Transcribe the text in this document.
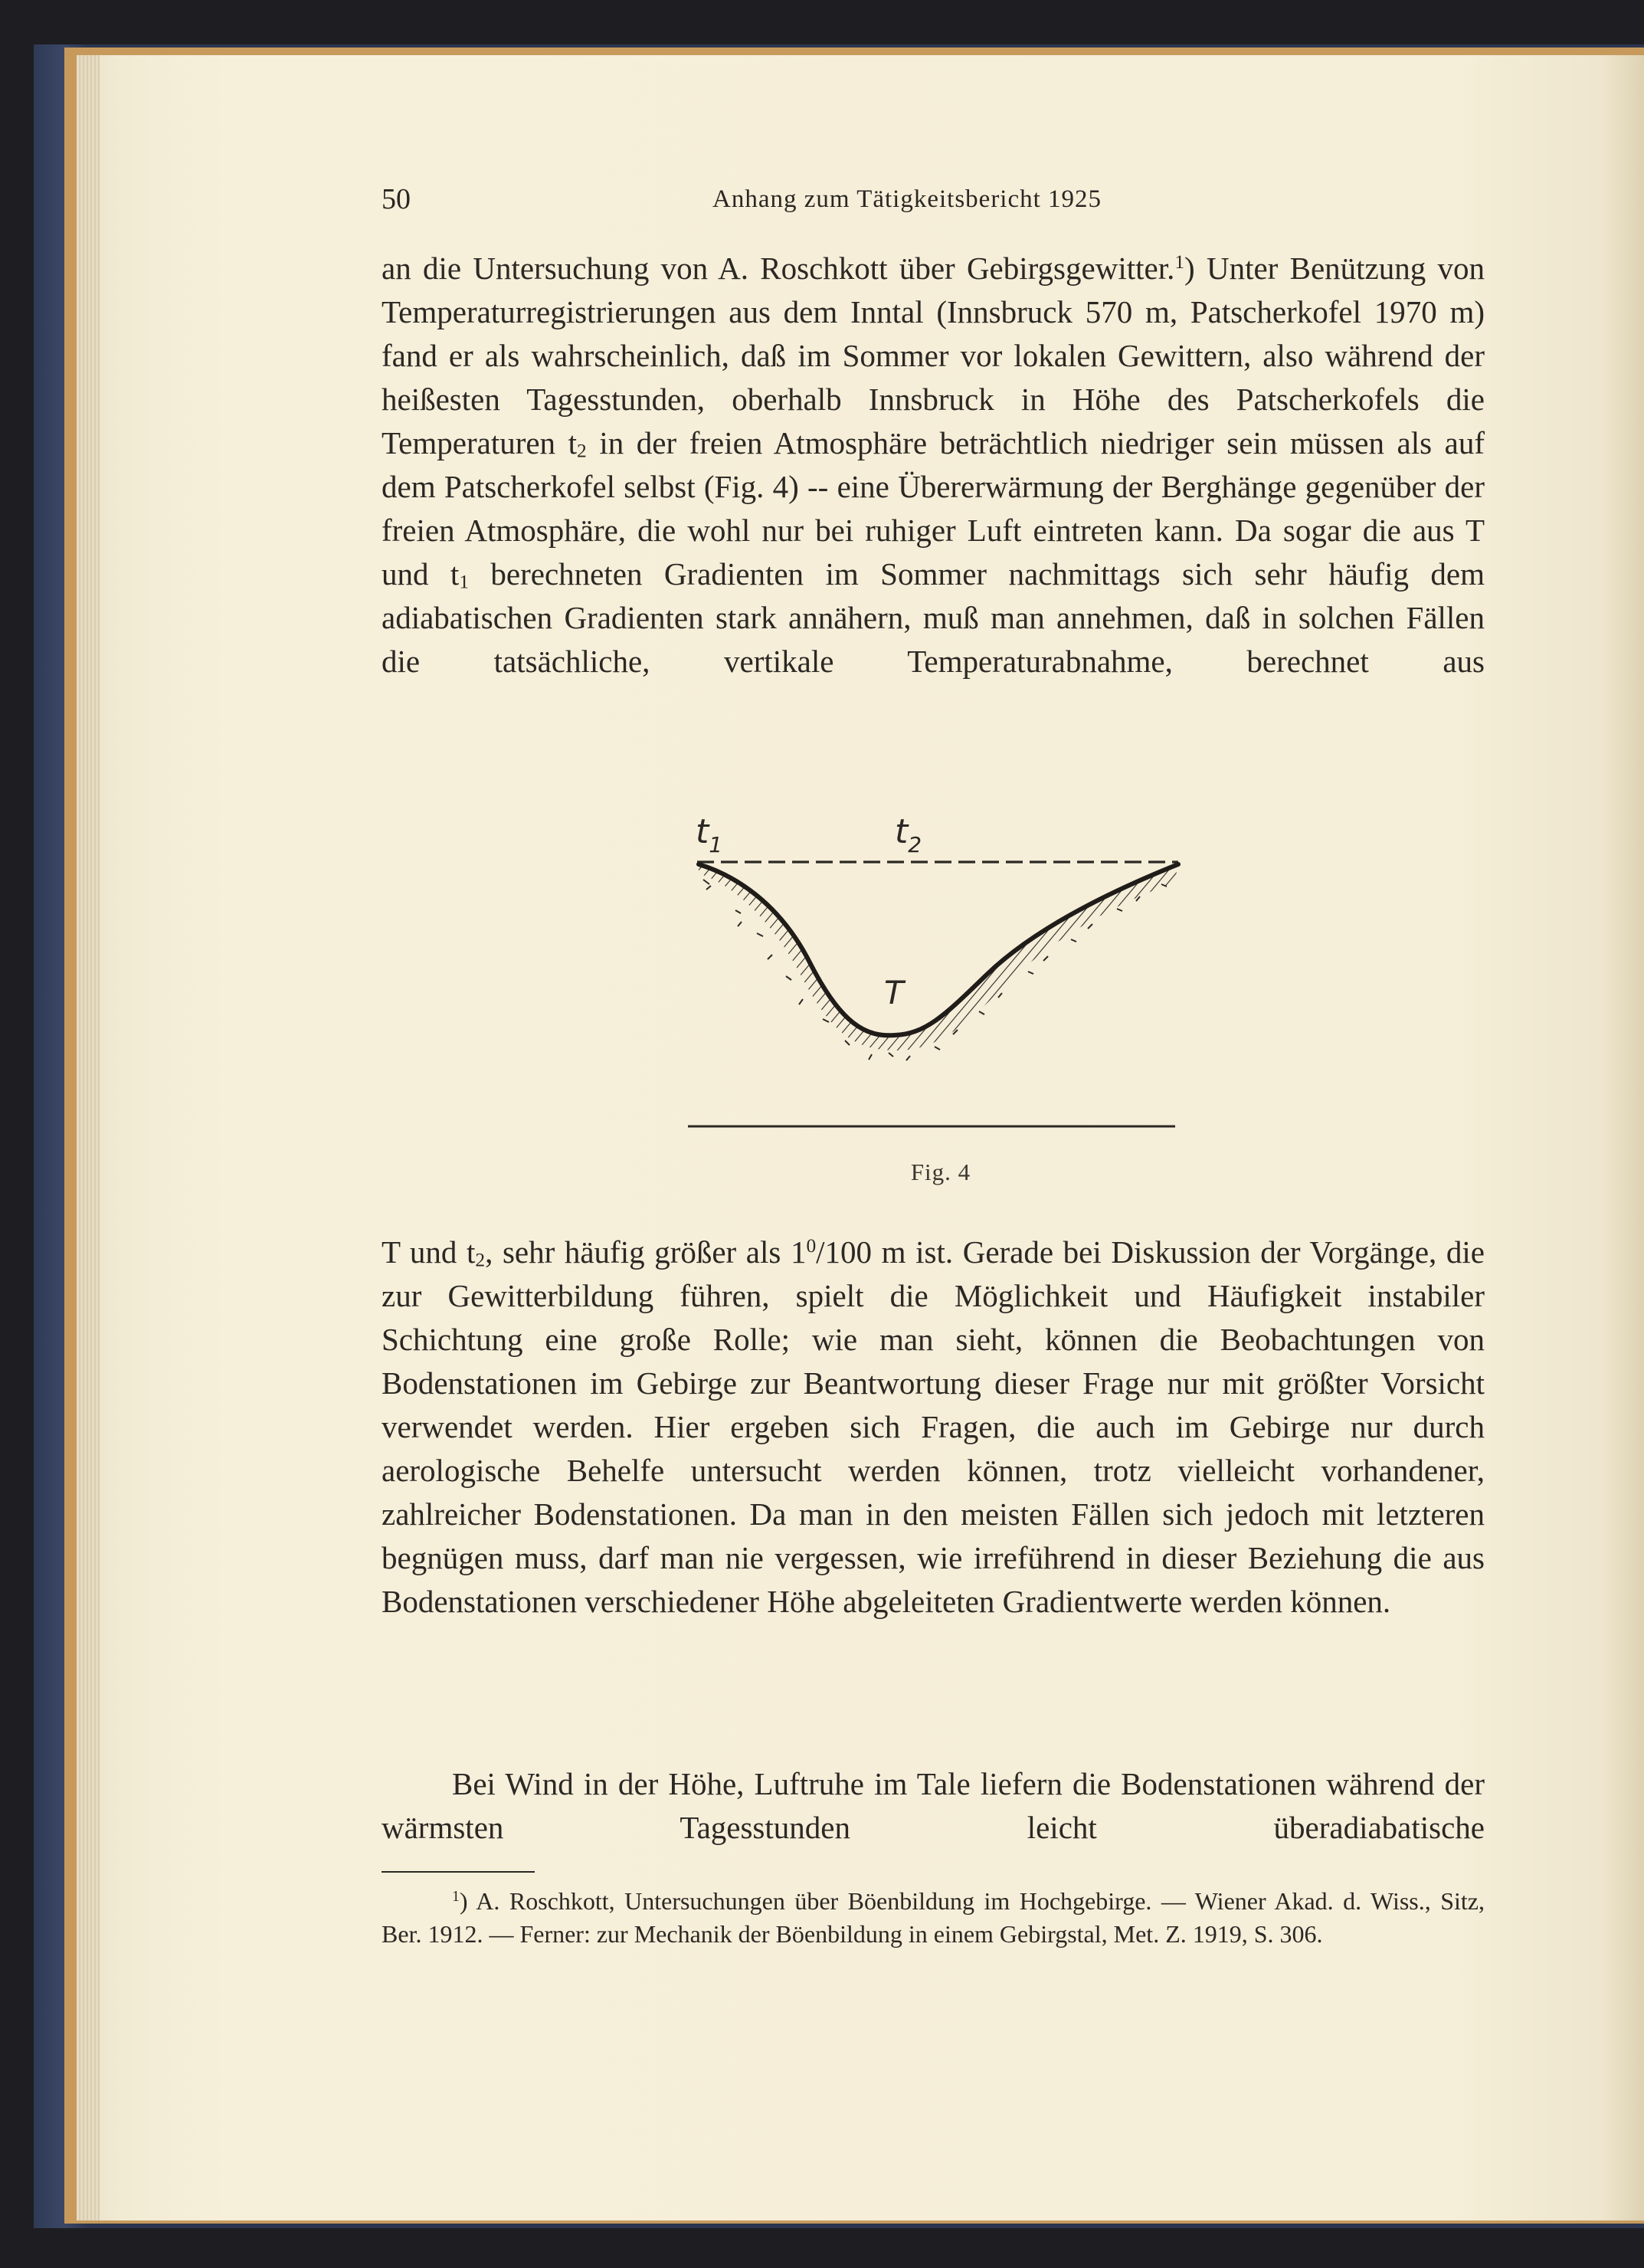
50	Anhang zum Tätigkeitsbericht 1925

an die Untersuchung von A. Roschkott über Gebirgsgewitter.$^1$) Unter Benützung von Temperaturregistrierungen aus dem Inntal (Innsbruck 570 m, Patscherkofel 1970 m) fand er als wahrscheinlich, daß im Sommer vor lokalen Gewittern, also während der heißesten Tagesstunden, oberhalb Innsbruck in Höhe des Patscherkofels die Temperaturen $t_2$ in der freien Atmosphäre beträchtlich niedriger sein müssen als auf dem Patscherkofel selbst (Fig. 4) -- eine Übererwärmung der Berghänge gegenüber der freien Atmosphäre, die wohl nur bei ruhiger Luft eintreten kann. Da sogar die aus T und $t_1$ berechneten Gradienten im Sommer nachmittags sich sehr häufig dem adiabatischen Gradienten stark annähern, muß man annehmen, daß in solchen Fällen die tatsächliche, vertikale Temperaturabnahme, berechnet aus

$t_1$	$t_2$
T
Fig. 4

T und $t_2$, sehr häufig größer als $1^0/100$ m ist. Gerade bei Diskussion der Vorgänge, die zur Gewitterbildung führen, spielt die Möglichkeit und Häufigkeit instabiler Schichtung eine große Rolle; wie man sieht, können die Beobachtungen von Bodenstationen im Gebirge zur Beantwortung dieser Frage nur mit größter Vorsicht verwendet werden. Hier ergeben sich Fragen, die auch im Gebirge nur durch aerologische Behelfe untersucht werden können, trotz vielleicht vorhandener, zahlreicher Bodenstationen. Da man in den meisten Fällen sich jedoch mit letzteren begnügen muss, darf man nie vergessen, wie irreführend in dieser Beziehung die aus Bodenstationen verschiedener Höhe abgeleiteten Gradientwerte werden können.

Bei Wind in der Höhe, Luftruhe im Tale liefern die Bodenstationen während der wärmsten Tagesstunden leicht überadiabatische

$^1$) A. Roschkott, Untersuchungen über Böenbildung im Hochgebirge. — Wiener Akad. d. Wiss., Sitz, Ber. 1912. — Ferner: zur Mechanik der Böenbildung in einem Gebirgstal, Met. Z. 1919, S. 306.
